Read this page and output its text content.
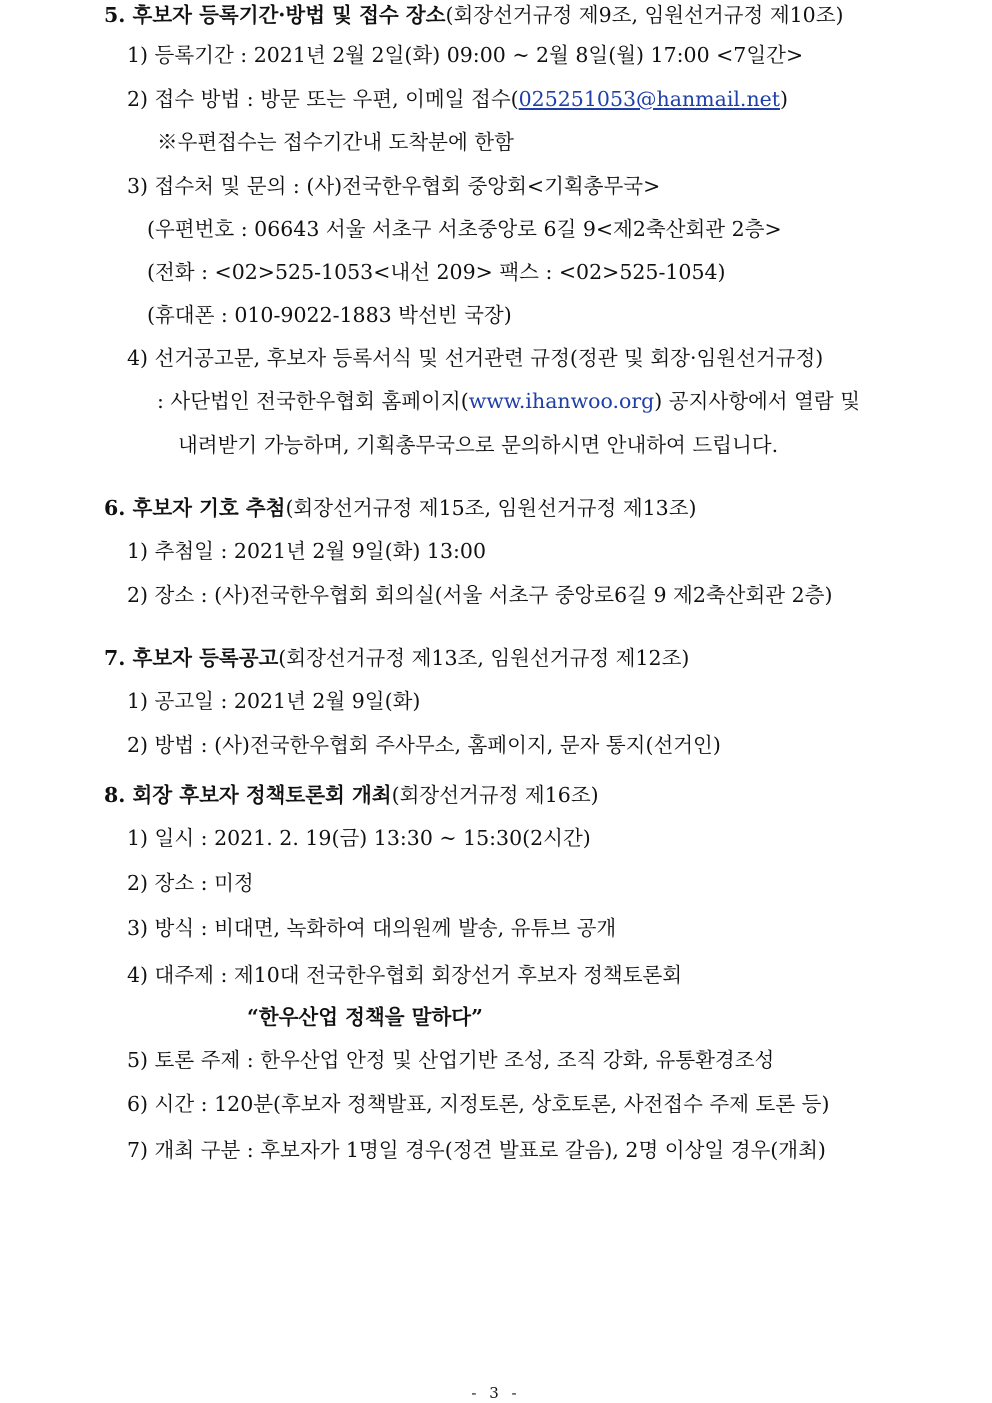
5. 후보자 등록기간·방법 및 접수 장소(회장선거규정 제9조, 임원선거규정 제10조)
1) 등록기간 : 2021년 2월 2일(화) 09:00 ~ 2월 8일(월) 17:00 <7일간>
2) 접수 방법 : 방문 또는 우편, 이메일 접수(025251053@hanmail.net)
※우편접수는 접수기간내 도착분에 한함
3) 접수처 및 문의 : (사)전국한우협회 중앙회<기획총무국>
(우편번호 : 06643 서울 서초구 서초중앙로 6길 9<제2축산회관 2층>
(전화 : <02>525-1053<내선 209> 팩스 : <02>525-1054)
(휴대폰 : 010-9022-1883 박선빈 국장)
4) 선거공고문, 후보자 등록서식 및 선거관련 규정(정관 및 회장·임원선거규정)
: 사단법인 전국한우협회 홈페이지(www.ihanwoo.org) 공지사항에서 열람 및
내려받기 가능하며, 기획총무국으로 문의하시면 안내하여 드립니다.
6. 후보자 기호 추첨(회장선거규정 제15조, 임원선거규정 제13조)
1) 추첨일 : 2021년 2월 9일(화) 13:00
2) 장소 : (사)전국한우협회 회의실(서울 서초구 중앙로6길 9 제2축산회관 2층)
7. 후보자 등록공고(회장선거규정 제13조, 임원선거규정 제12조)
1) 공고일 : 2021년 2월 9일(화)
2) 방법 : (사)전국한우협회 주사무소, 홈페이지, 문자 통지(선거인)
8. 회장 후보자 정책토론회 개최(회장선거규정 제16조)
1) 일시 : 2021. 2. 19(금) 13:30 ~ 15:30(2시간)
2) 장소 : 미정
3) 방식 : 비대면, 녹화하여 대의원께 발송, 유튜브 공개
4) 대주제 : 제10대 전국한우협회 회장선거 후보자 정책토론회
“한우산업 정책을 말하다”
5) 토론 주제 : 한우산업 안정 및 산업기반 조성, 조직 강화, 유통환경조성
6) 시간 : 120분(후보자 정책발표, 지정토론, 상호토론, 사전접수 주제 토론 등)
7) 개최 구분 : 후보자가 1명일 경우(정견 발표로 갈음), 2명 이상일 경우(개최)
- 3 -
